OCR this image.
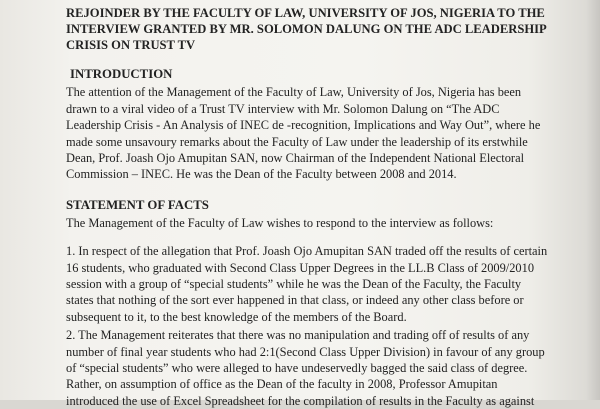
REJOINDER BY THE FACULTY OF LAW, UNIVERSITY OF JOS, NIGERIA TO THE
INTERVIEW GRANTED BY MR. SOLOMON DALUNG ON THE ADC LEADERSHIP
CRISIS ON TRUST TV
INTRODUCTION
The attention of the Management of the Faculty of Law, University of Jos, Nigeria has been
drawn to a viral video of a Trust TV interview with Mr. Solomon Dalung on “The ADC
Leadership Crisis - An Analysis of INEC de -recognition, Implications and Way Out”, where he
made some unsavoury remarks about the Faculty of Law under the leadership of its erstwhile
Dean, Prof. Joash Ojo Amupitan SAN, now Chairman of the Independent National Electoral
Commission – INEC. He was the Dean of the Faculty between 2008 and 2014.
STATEMENT OF FACTS
The Management of the Faculty of Law wishes to respond to the interview as follows:
1. In respect of the allegation that Prof. Joash Ojo Amupitan SAN traded off the results of certain
16 students, who graduated with Second Class Upper Degrees in the LL.B Class of 2009/2010
session with a group of “special students” while he was the Dean of the Faculty, the Faculty
states that nothing of the sort ever happened in that class, or indeed any other class before or
subsequent to it, to the best knowledge of the members of the Board.
2. The Management reiterates that there was no manipulation and trading off of results of any
number of final year students who had 2:1(Second Class Upper Division) in favour of any group
of “special students” who were alleged to have undeservedly bagged the said class of degree.
Rather, on assumption of office as the Dean of the faculty in 2008, Professor Amupitan
introduced the use of Excel Spreadsheet for the compilation of results in the Faculty as against
